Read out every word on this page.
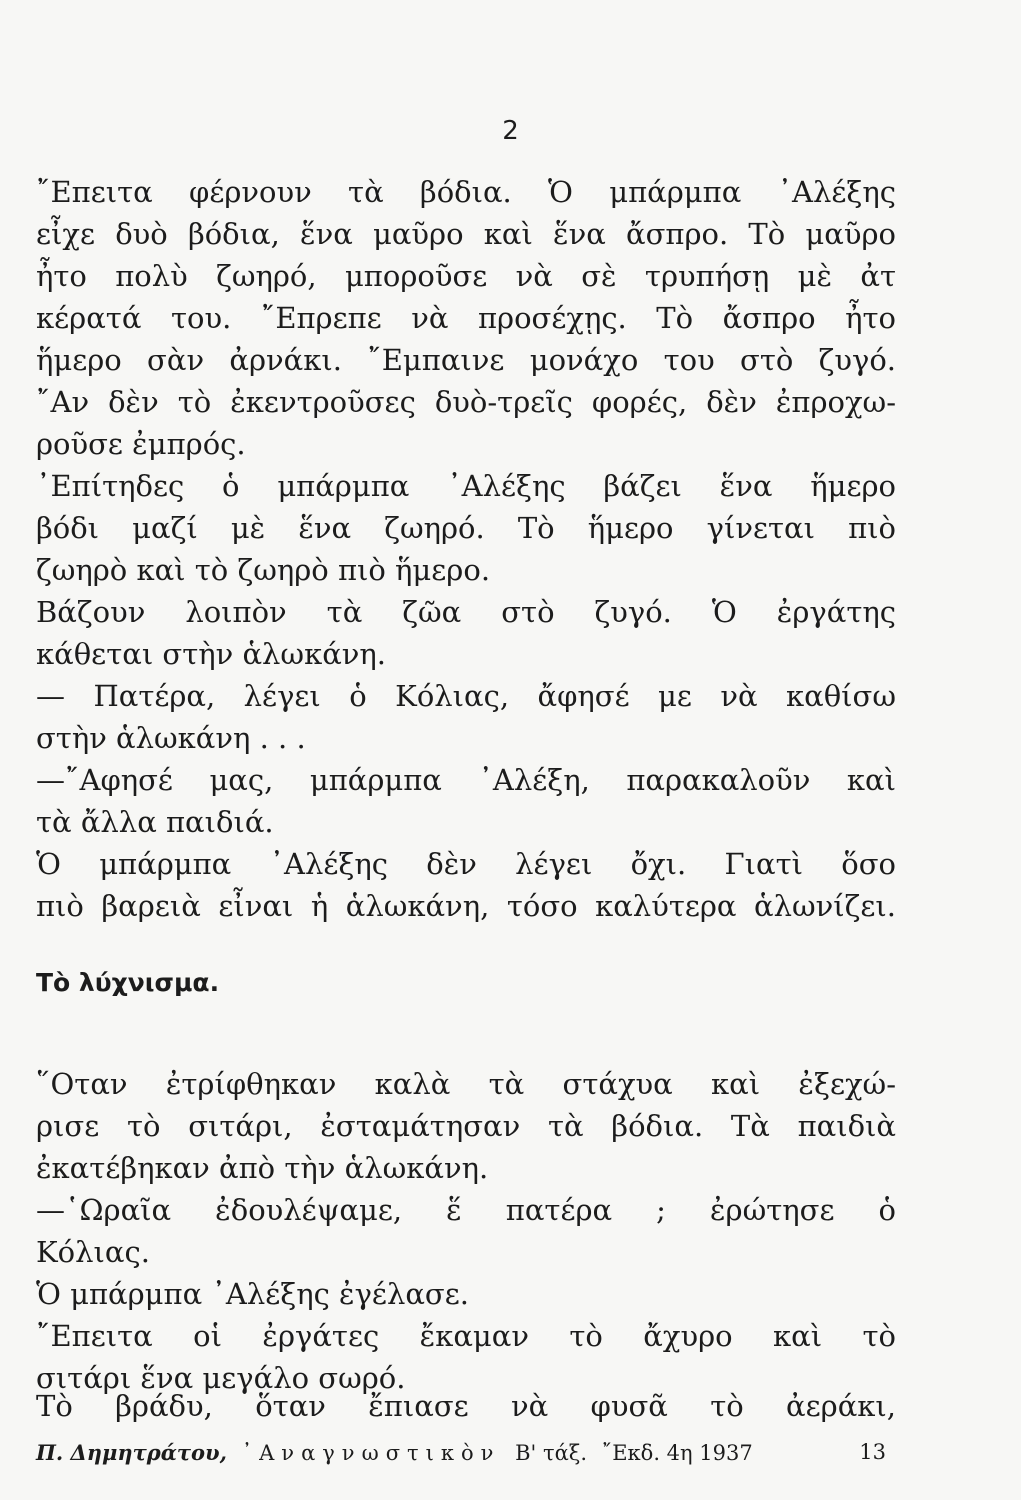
2
῎Επειτα φέρνουν τὰ βόδια. Ὁ μπάρμπα ᾿Αλέξης
εἶχε δυὸ βόδια, ἕνα μαῦρο καὶ ἕνα ἄσπρο. Τὸ μαῦρο
ἦτο πολὺ ζωηρό, μποροῦσε νὰ σὲ τρυπήσῃ μὲ ἀτ
κέρατά του. ῎Επρεπε νὰ προσέχῃς. Τὸ ἄσπρο ἦτο
ἥμερο σὰν ἀρνάκι. ῎Εμπαινε μονάχο του στὸ ζυγό.
῎Αν δὲν τὸ ἐκεντροῦσες δυὸ-τρεῖς φορές, δὲν ἐπροχω-
ροῦσε ἐμπρός.
᾿Επίτηδες ὁ μπάρμπα ᾿Αλέξης βάζει ἕνα ἥμερο
βόδι μαζί μὲ ἕνα ζωηρό. Τὸ ἥμερο γίνεται πιὸ
ζωηρὸ καὶ τὸ ζωηρὸ πιὸ ἥμερο.
Βάζουν λοιπὸν τὰ ζῶα στὸ ζυγό. Ὁ ἐργάτης
κάθεται στὴν ἁλωκάνη.
— Πατέρα, λέγει ὁ Κόλιας, ἄφησέ με νὰ καθίσω
στὴν ἁλωκάνη . . .
—῎Αφησέ μας, μπάρμπα ᾿Αλέξη, παρακαλοῦν καὶ
τὰ ἄλλα παιδιά.
Ὁ μπάρμπα ᾿Αλέξης δὲν λέγει ὄχι. Γιατὶ ὅσο
πιὸ βαρειὰ εἶναι ἡ ἁλωκάνη, τόσο καλύτερα ἁλωνίζει.
Τὸ λύχνισμα.
῞Οταν ἐτρίφθηκαν καλὰ τὰ στάχυα καὶ ἐξεχώ-
ρισε τὸ σιτάρι, ἐσταμάτησαν τὰ βόδια. Τὰ παιδιὰ
ἐκατέβηκαν ἀπὸ τὴν ἁλωκάνη.
—῾Ωραῖα ἐδουλέψαμε, ἕ πατέρα ; ἐρώτησε ὁ
Κόλιας.
Ὁ μπάρμπα ᾿Αλέξης ἐγέλασε.
῎Επειτα οἱ ἐργάτες ἔκαμαν τὸ ἄχυρο καὶ τὸ
σιτάρι ἕνα μεγάλο σωρό.
Τὸ βράδυ, ὅταν ἔπιασε νὰ φυσᾶ τὸ ἀεράκι,
Π. Δημητράτου, ᾿Αναγνωστικὸν Β' τάξ. ῎Εκδ. 4η 1937	13
